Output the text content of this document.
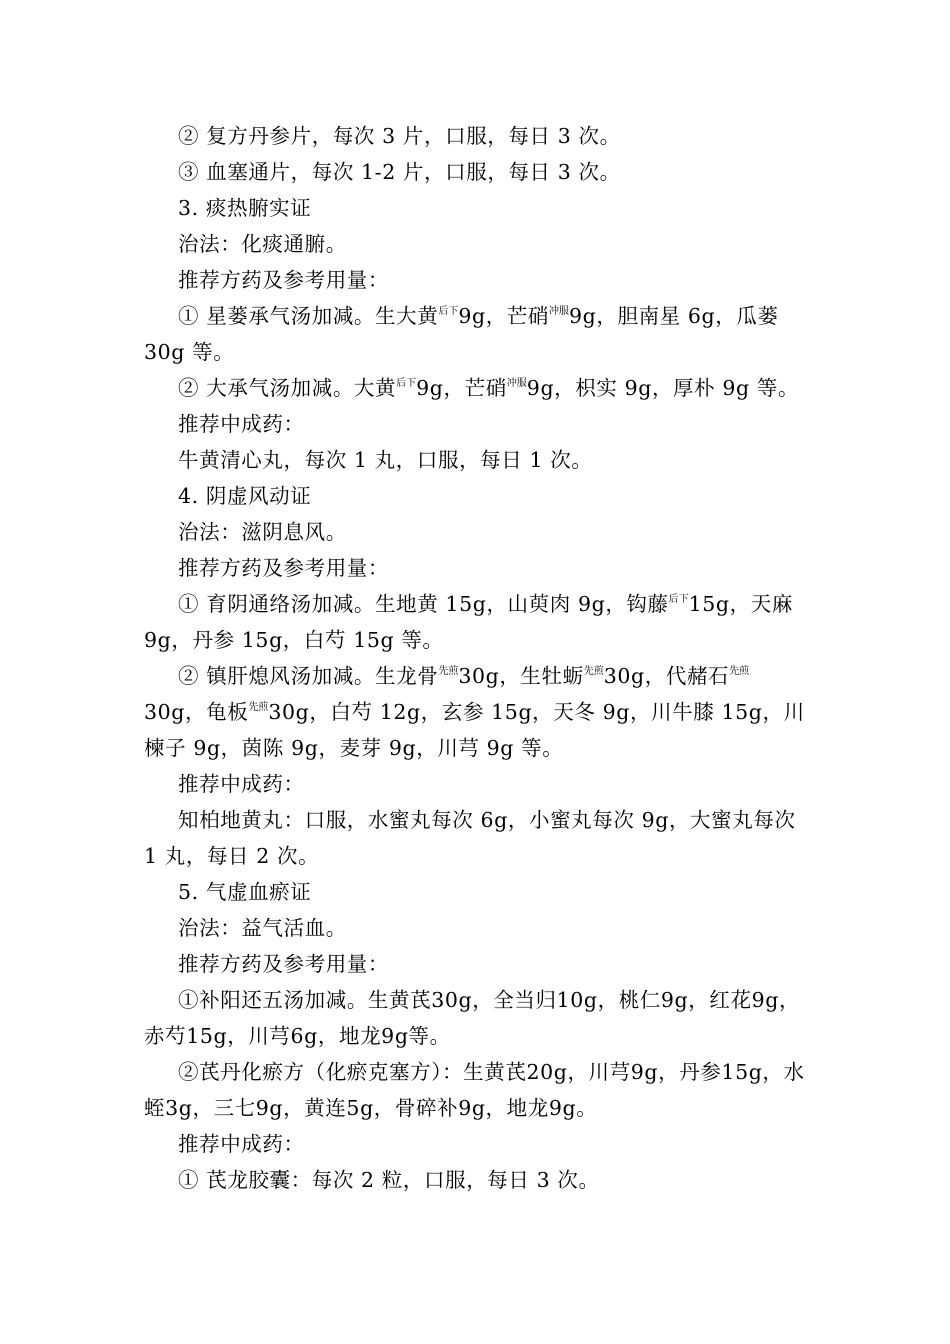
② 复方丹参片，每次 3 片，口服，每日 3 次。

③ 血塞通片，每次 1-2 片，口服，每日 3 次。

3. 痰热腑实证

治法：化痰通腑。

推荐方药及参考用量：

① 星蒌承气汤加减。生大黄$^{后下}$9g，芒硝$^{冲服}$9g，胆南星 6g，瓜蒌 30g 等。

② 大承气汤加减。大黄$^{后下}$9g，芒硝$^{冲服}$9g，枳实 9g，厚朴 9g 等。

推荐中成药：

牛黄清心丸，每次 1 丸，口服，每日 1 次。

4. 阴虚风动证

治法：滋阴息风。

推荐方药及参考用量：

① 育阴通络汤加减。生地黄 15g，山萸肉 9g，钩藤$^{后下}$15g，天麻 9g，丹参 15g，白芍 15g 等。

② 镇肝熄风汤加减。生龙骨$^{先煎}$30g，生牡蛎$^{先煎}$30g，代赭石$^{先煎}$30g，龟板$^{先煎}$30g，白芍 12g，玄参 15g，天冬 9g，川牛膝 15g，川楝子 9g，茵陈 9g，麦芽 9g，川芎 9g 等。

推荐中成药：

知柏地黄丸：口服，水蜜丸每次 6g，小蜜丸每次 9g，大蜜丸每次 1 丸，每日 2 次。

5. 气虚血瘀证

治法：益气活血。

推荐方药及参考用量：

①补阳还五汤加减。生黄芪30g，全当归10g，桃仁9g，红花9g，赤芍15g，川芎6g，地龙9g等。

②芪丹化瘀方（化瘀克塞方）：生黄芪20g，川芎9g，丹参15g，水蛭3g，三七9g，黄连5g，骨碎补9g，地龙9g。

推荐中成药：

① 芪龙胶囊：每次 2 粒，口服，每日 3 次。
